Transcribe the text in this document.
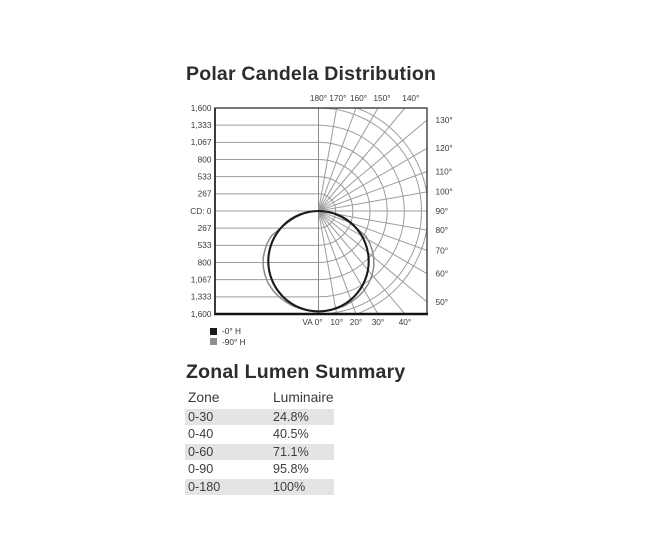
Polar Candela Distribution
1,600
1,333
1,067
800
533
267
CD: 0
267
533
800
1,067
1,333
1,600
180° 170° 160° 150° 140°
130°
120°
110°
100°
90°
80°
70°
60°
50°
VA 0° 10° 20° 30° 40°
-0° H
-90° H
Zonal Lumen Summary
Zone	Luminaire
0-30	24.8%
0-40	40.5%
0-60	71.1%
0-90	95.8%
0-180	100%
